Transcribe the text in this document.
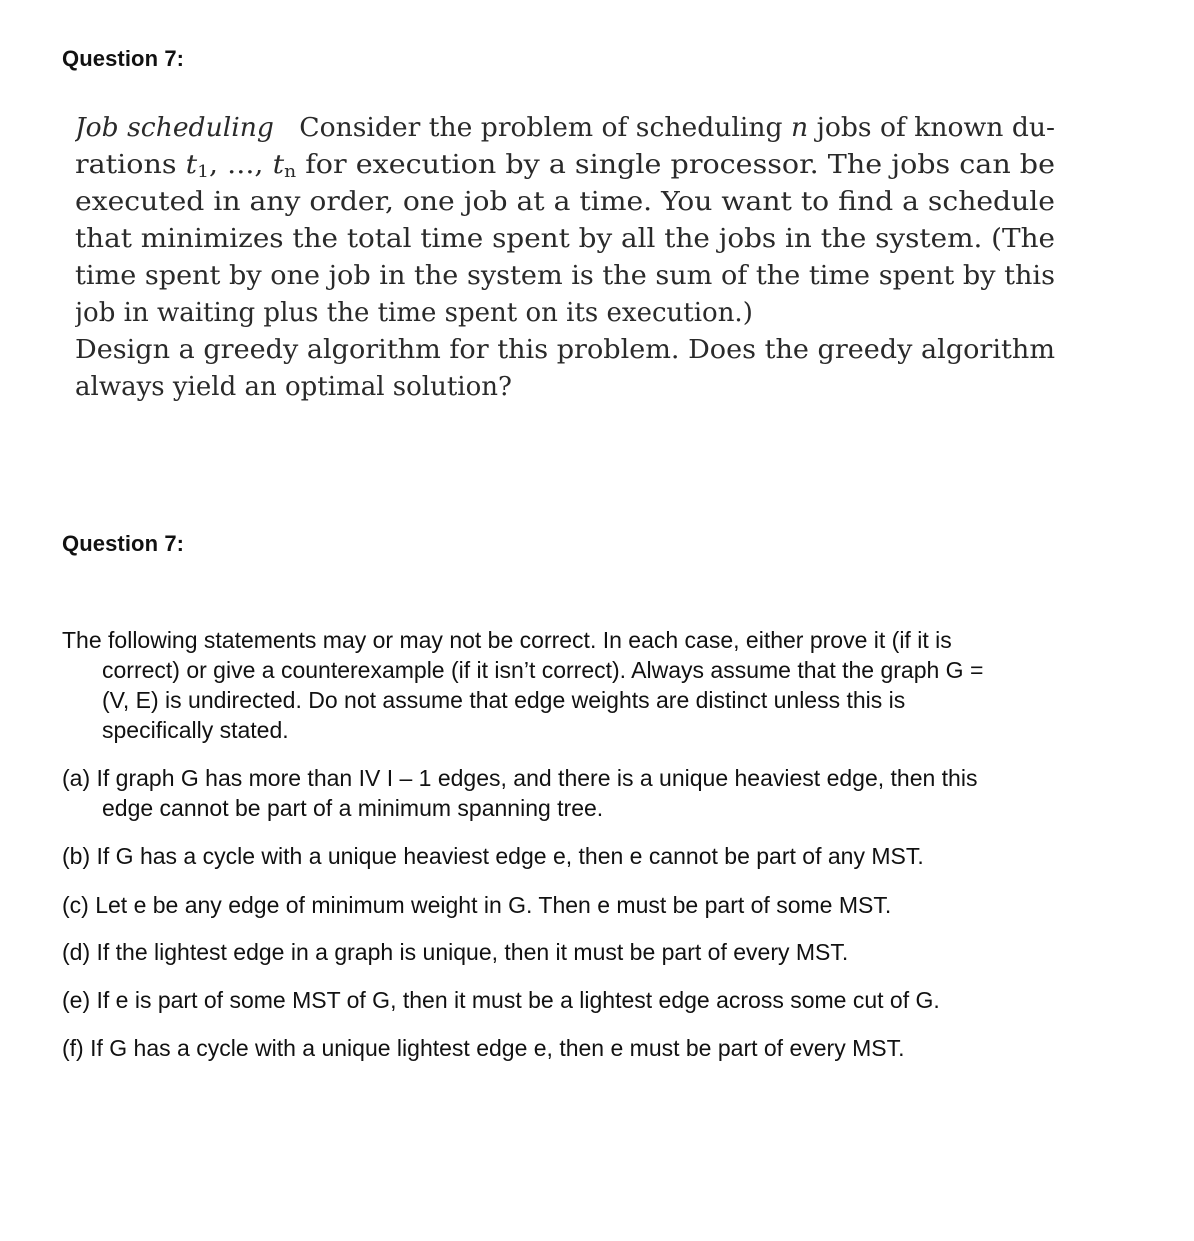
Question 7:
Job scheduling Consider the problem of scheduling n jobs of known du-
rations $t_1$, ..., $t_n$ for execution by a single processor. The jobs can be
executed in any order, one job at a time. You want to find a schedule
that minimizes the total time spent by all the jobs in the system. (The
time spent by one job in the system is the sum of the time spent by this
job in waiting plus the time spent on its execution.)
Design a greedy algorithm for this problem. Does the greedy algorithm
always yield an optimal solution?
Question 7:
The following statements may or may not be correct. In each case, either prove it (if it is
correct) or give a counterexample (if it isn’t correct). Always assume that the graph G =
(V, E) is undirected. Do not assume that edge weights are distinct unless this is
specifically stated.
(a) If graph G has more than IV I – 1 edges, and there is a unique heaviest edge, then this
edge cannot be part of a minimum spanning tree.
(b) If G has a cycle with a unique heaviest edge e, then e cannot be part of any MST.
(c) Let e be any edge of minimum weight in G. Then e must be part of some MST.
(d) If the lightest edge in a graph is unique, then it must be part of every MST.
(e) If e is part of some MST of G, then it must be a lightest edge across some cut of G.
(f) If G has a cycle with a unique lightest edge e, then e must be part of every MST.
